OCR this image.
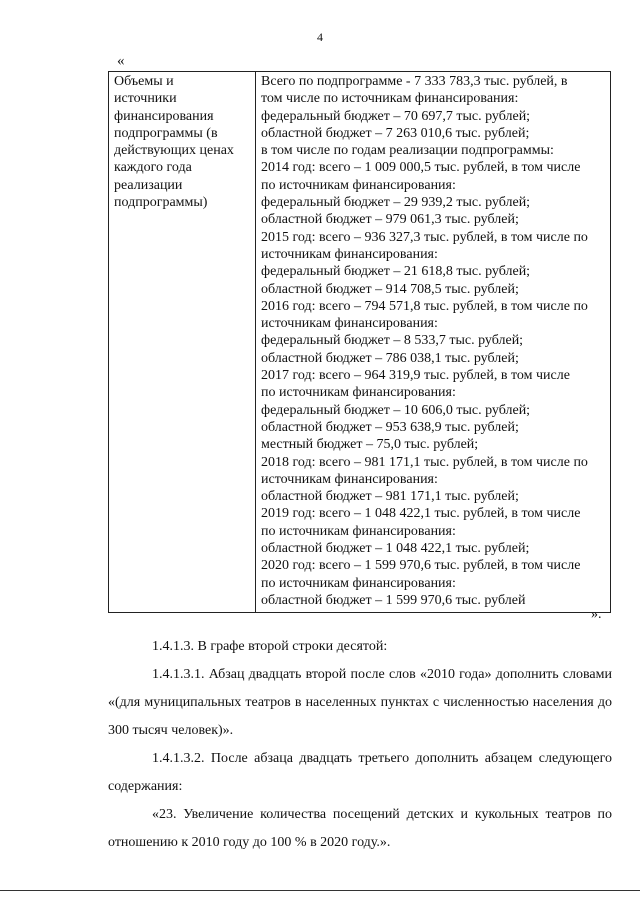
4
«
Объемы и
источники
финансирования
подпрограммы (в
действующих ценах
каждого года
реализации
подпрограммы)

Всего по подпрограмме - 7 333 783,3 тыс. рублей, в
том числе по источникам финансирования:
федеральный бюджет – 70 697,7 тыс. рублей;
областной бюджет – 7 263 010,6 тыс. рублей;
в том числе по годам реализации подпрограммы:
2014 год: всего – 1 009 000,5 тыс. рублей, в том числе
по источникам финансирования:
федеральный бюджет – 29 939,2 тыс. рублей;
областной бюджет – 979 061,3 тыс. рублей;
2015 год: всего – 936 327,3 тыс. рублей, в том числе по
источникам финансирования:
федеральный бюджет – 21 618,8 тыс. рублей;
областной бюджет – 914 708,5 тыс. рублей;
2016 год: всего – 794 571,8 тыс. рублей, в том числе по
источникам финансирования:
федеральный бюджет – 8 533,7 тыс. рублей;
областной бюджет – 786 038,1 тыс. рублей;
2017 год: всего – 964 319,9 тыс. рублей, в том числе
по источникам финансирования:
федеральный бюджет – 10 606,0 тыс. рублей;
областной бюджет – 953 638,9 тыс. рублей;
местный бюджет – 75,0 тыс. рублей;
2018 год: всего – 981 171,1 тыс. рублей, в том числе по
источникам финансирования:
областной бюджет – 981 171,1 тыс. рублей;
2019 год: всего – 1 048 422,1 тыс. рублей, в том числе
по источникам финансирования:
областной бюджет – 1 048 422,1 тыс. рублей;
2020 год: всего – 1 599 970,6 тыс. рублей, в том числе
по источникам финансирования:
областной бюджет – 1 599 970,6 тыс. рублей
».
1.4.1.3. В графе второй строки десятой:
1.4.1.3.1. Абзац двадцать второй после слов «2010 года» дополнить словами «(для муниципальных театров в населенных пунктах с численностью населения до 300 тысяч человек)».
1.4.1.3.2. После абзаца двадцать третьего дополнить абзацем следующего содержания:
«23. Увеличение количества посещений детских и кукольных театров по отношению к 2010 году до 100 % в 2020 году.».
